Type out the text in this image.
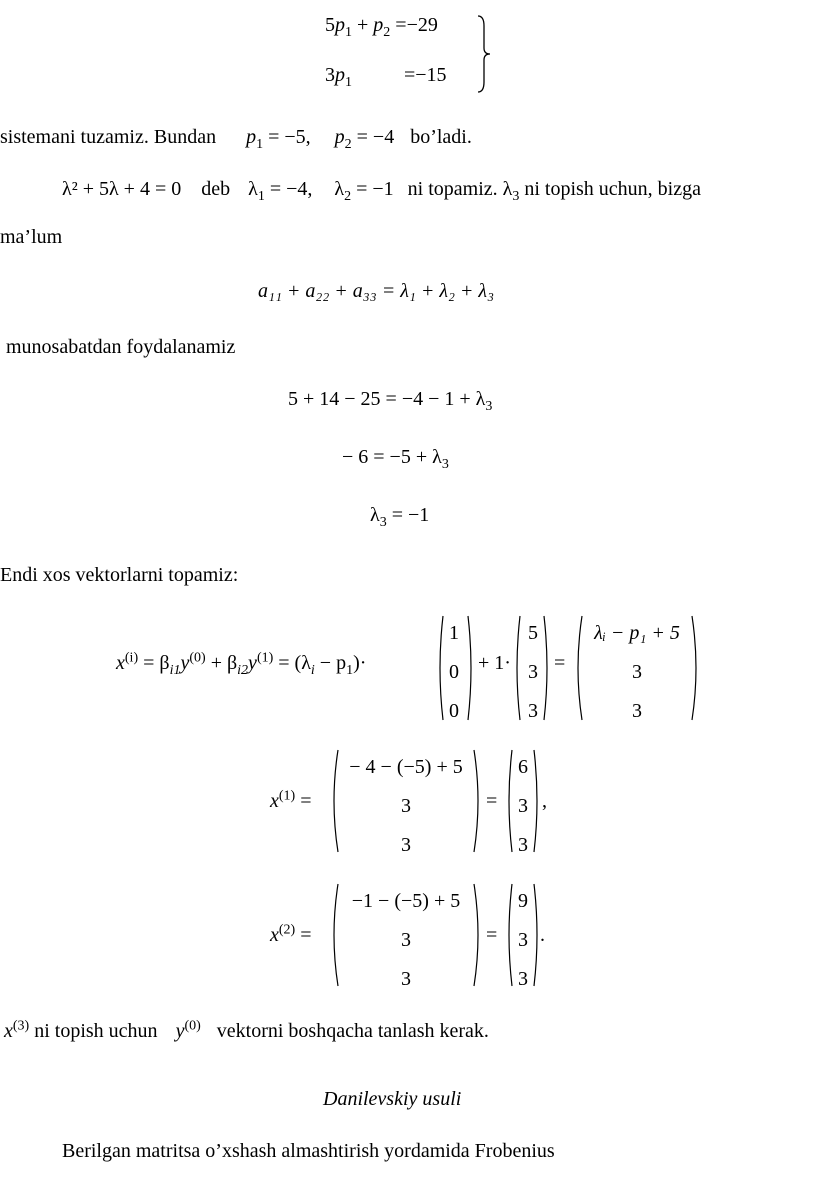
$5p_1 + p_2 =-29$
$3p_1$	=−15
sistemani tuzamiz. Bundan $p_1 = -5$, $p_2 = -4$ bo’ladi.
λ² + 5λ + 4 = 0 deb $\lambda_1 = -4$, $\lambda_2 = -1$ ni topamiz. $\lambda_3$ ni topish uchun, bizga
ma’lum
a₁₁ + a₂₂ + a₃₃ = λ₁ + λ₂ + λ₃
munosabatdan foydalanamiz
$5 + 14 - 25 = -4 - 1 + \lambda_3$
− $6 = -5 + \lambda_3$
$\lambda_3 = -1$
Endi xos vektorlarni topamiz:
$x^{(i)} = \beta_{i1}y^{(0)} + \beta_{i2}y^{(1)} = (\lambda_i - p_1)\cdot$
1
0
0
+ 1·
5
3
3
=
λᵢ − p₁ + 5
3
3
$x^{(1)}$ =
− 4 − (−5) + 5
3
3
=
6
3
3
,
$x^{(2)}$ =
−1 − (−5) + 5
3
3
=
9
3
3
.
$x^{(3)}$ ni topish uchun $y^{(0)}$ vektorni boshqacha tanlash kerak.
Danilevskiy usuli
Berilgan matritsa o’xshash almashtirish yordamida Frobenius
